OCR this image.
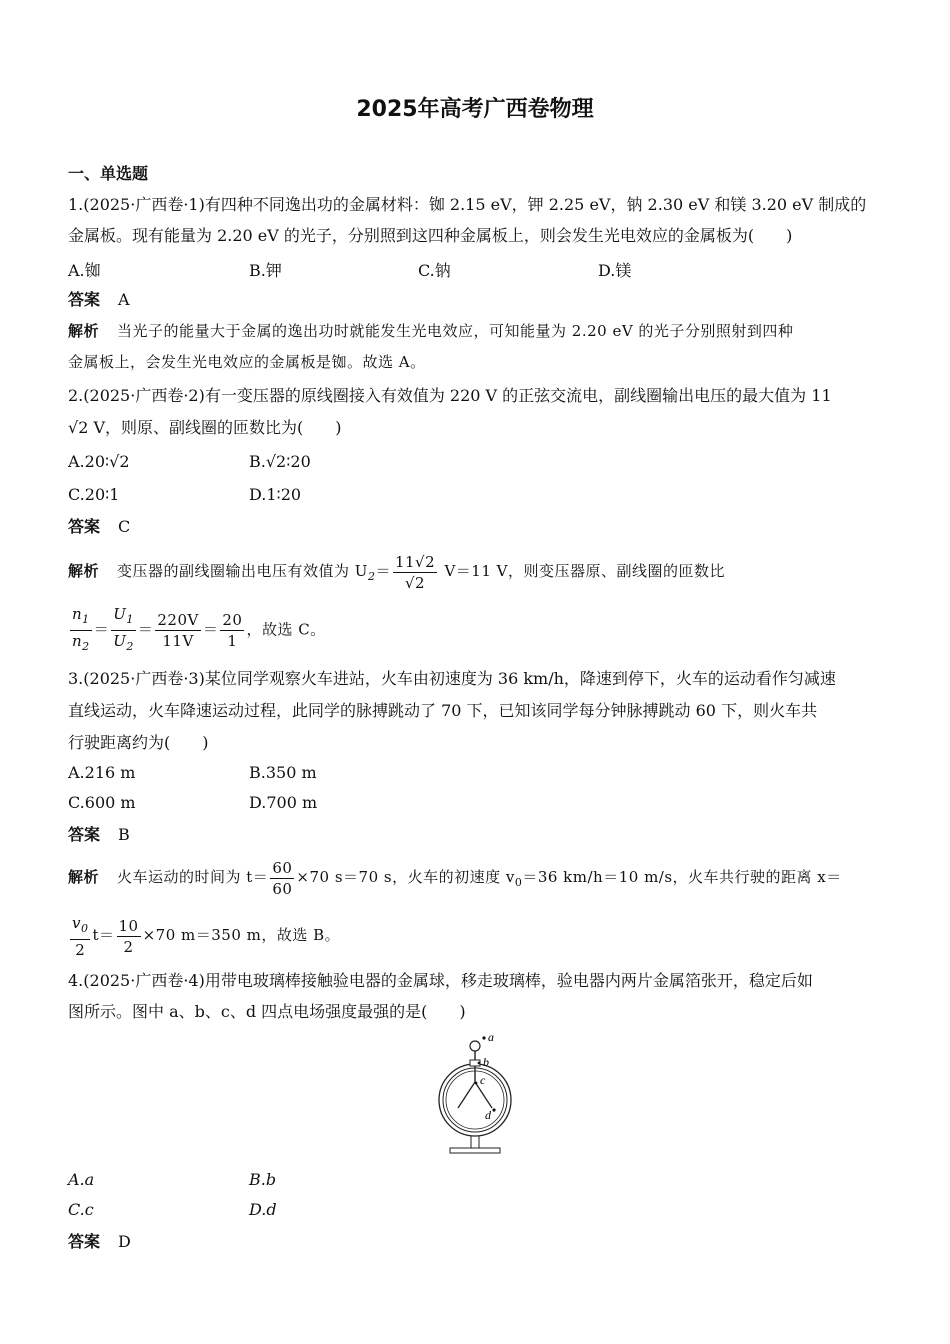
2025年高考广西卷物理
一、单选题
1.(2025·广西卷·1)有四种不同逸出功的金属材料：铷 2.15 eV，钾 2.25 eV，钠 2.30 eV 和镁 3.20 eV 制成的
金属板。现有能量为 2.20 eV 的光子，分别照到这四种金属板上，则会发生光电效应的金属板为(　　)
A.铷	B.钾	C.钠	D.镁
答案 A
解析 当光子的能量大于金属的逸出功时就能发生光电效应，可知能量为 2.20 eV 的光子分别照射到四种
金属板上，会发生光电效应的金属板是铷。故选 A。
2.(2025·广西卷·2)有一变压器的原线圈接入有效值为 220 V 的正弦交流电，副线圈输出电压的最大值为 11
√2 V，则原、副线圈的匝数比为(　　)
A.20∶√2	B.√2∶20
C.20∶1	D.1∶20
答案 C
解析 变压器的副线圈输出电压有效值为 $U_2= \frac{11√2}{√2} V=11$ V，则变压器原、副线圈的匝数比
$\frac{n_1}{n_2} = \frac{U_1}{U_2} = \frac{220V}{11V} = \frac{20}{1}$ ，故选 C。
3.(2025·广西卷·3)某位同学观察火车进站，火车由初速度为 36 km/h，降速到停下，火车的运动看作匀减速
直线运动，火车降速运动过程，此同学的脉搏跳动了 70 下，已知该同学每分钟脉搏跳动 60 下，则火车共
行驶距离约为(　　)
A.216 m	B.350 m
C.600 m	D.700 m
答案 B
解析 火车运动的时间为 $t= \frac{60}{60} \times 70$ s＝70 s，火车的初速度 $v_0=36$ km/h＝10 m/s，火车共行驶的距离 x＝
$\frac{v_0}{2} t= \frac{10}{2} \times 70$ m＝350 m，故选 B。
4.(2025·广西卷·4)用带电玻璃棒接触验电器的金属球，移走玻璃棒，验电器内两片金属箔张开，稳定后如
图所示。图中 a、b、c、d 四点电场强度最强的是(　　)
a
b
c
d
A.a	B.b
C.c	D.d
答案 D
